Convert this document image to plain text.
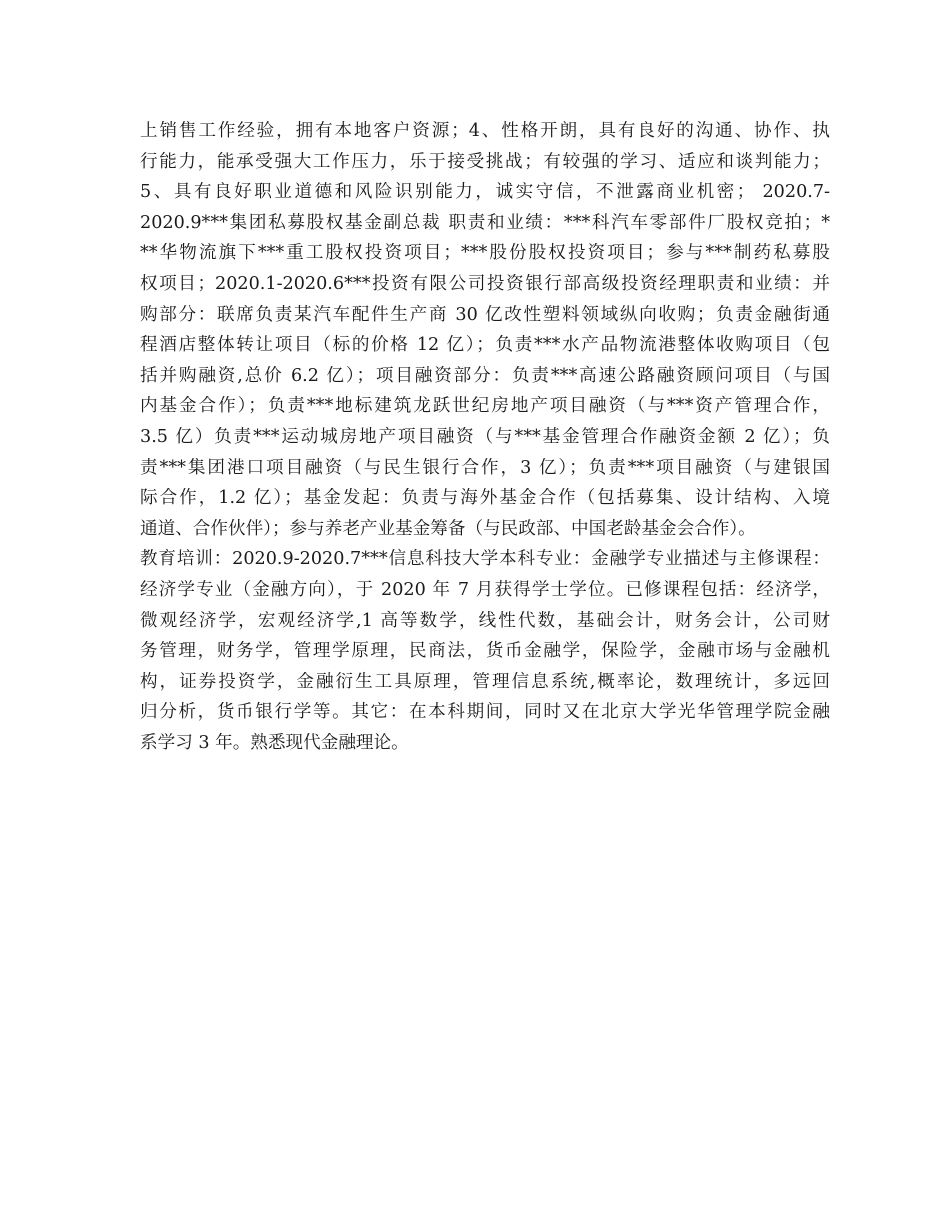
上销售工作经验，拥有本地客户资源；4、性格开朗，具有良好的沟通、协作、执
行能力，能承受强大工作压力，乐于接受挑战；有较强的学习、适应和谈判能力；
5、具有良好职业道德和风险识别能力，诚实守信，不泄露商业机密； 2020.7-
2020.9***集团私募股权基金副总裁 职责和业绩：***科汽车零部件厂股权竞拍；*
**华物流旗下***重工股权投资项目；***股份股权投资项目；参与***制药私募股
权项目；2020.1-2020.6***投资有限公司投资银行部高级投资经理职责和业绩：并
购部分：联席负责某汽车配件生产商 30 亿改性塑料领域纵向收购；负责金融街通
程酒店整体转让项目（标的价格 12 亿）；负责***水产品物流港整体收购项目（包
括并购融资,总价 6.2 亿）；项目融资部分：负责***高速公路融资顾问项目（与国
内基金合作）；负责***地标建筑龙跃世纪房地产项目融资（与***资产管理合作，
3.5 亿）负责***运动城房地产项目融资（与***基金管理合作融资金额 2 亿）；负
责***集团港口项目融资（与民生银行合作，3 亿）；负责***项目融资（与建银国
际合作，1.2 亿）；基金发起：负责与海外基金合作（包括募集、设计结构、入境
通道、合作伙伴）；参与养老产业基金筹备（与民政部、中国老龄基金会合作）。
教育培训：2020.9-2020.7***信息科技大学本科专业：金融学专业描述与主修课程：
经济学专业（金融方向），于 2020 年 7 月获得学士学位。已修课程包括：经济学，
微观经济学，宏观经济学,1 高等数学，线性代数，基础会计，财务会计，公司财
务管理，财务学，管理学原理，民商法，货币金融学，保险学，金融市场与金融机
构，证券投资学，金融衍生工具原理，管理信息系统,概率论，数理统计，多远回
归分析，货币银行学等。其它：在本科期间，同时又在北京大学光华管理学院金融
系学习 3 年。熟悉现代金融理论。
